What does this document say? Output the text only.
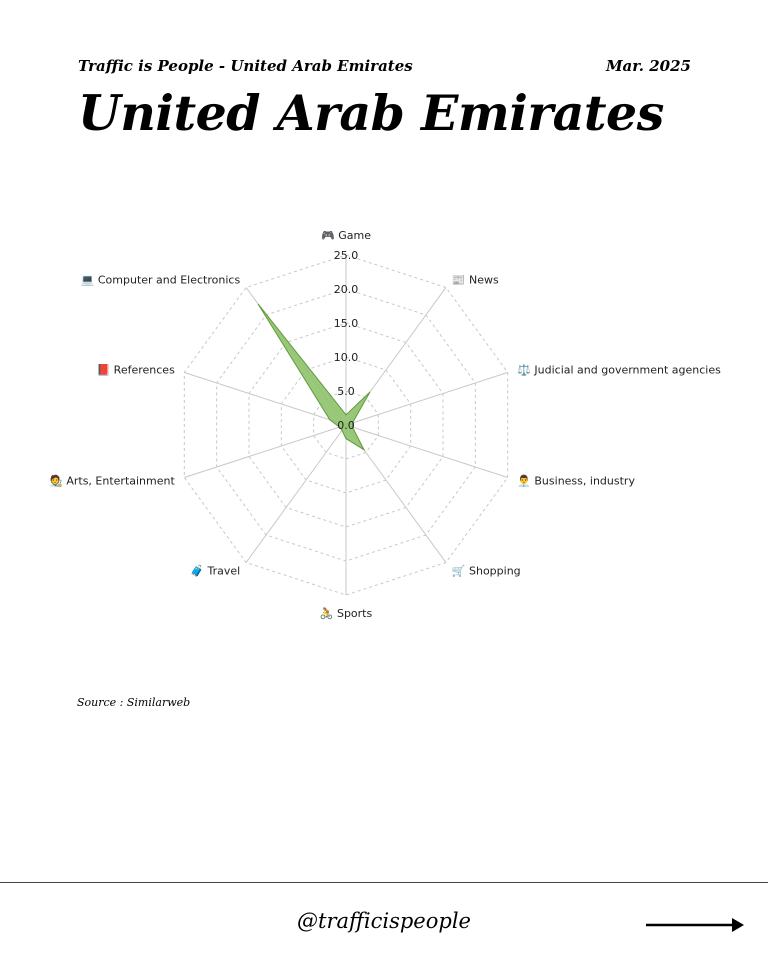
Traffic is People - United Arab Emirates	Mar. 2025
United Arab Emirates
0.0
5.0
10.0
15.0
20.0
25.0
🎮 Game
📰 News
⚖️ Judicial and government agencies
👨‍💼 Business, industry
🛒 Shopping
🚴 Sports
🧳 Travel
🧑‍🎨 Arts, Entertainment
📕 References
💻 Computer and Electronics
Source : Similarweb
@trafficispeople
